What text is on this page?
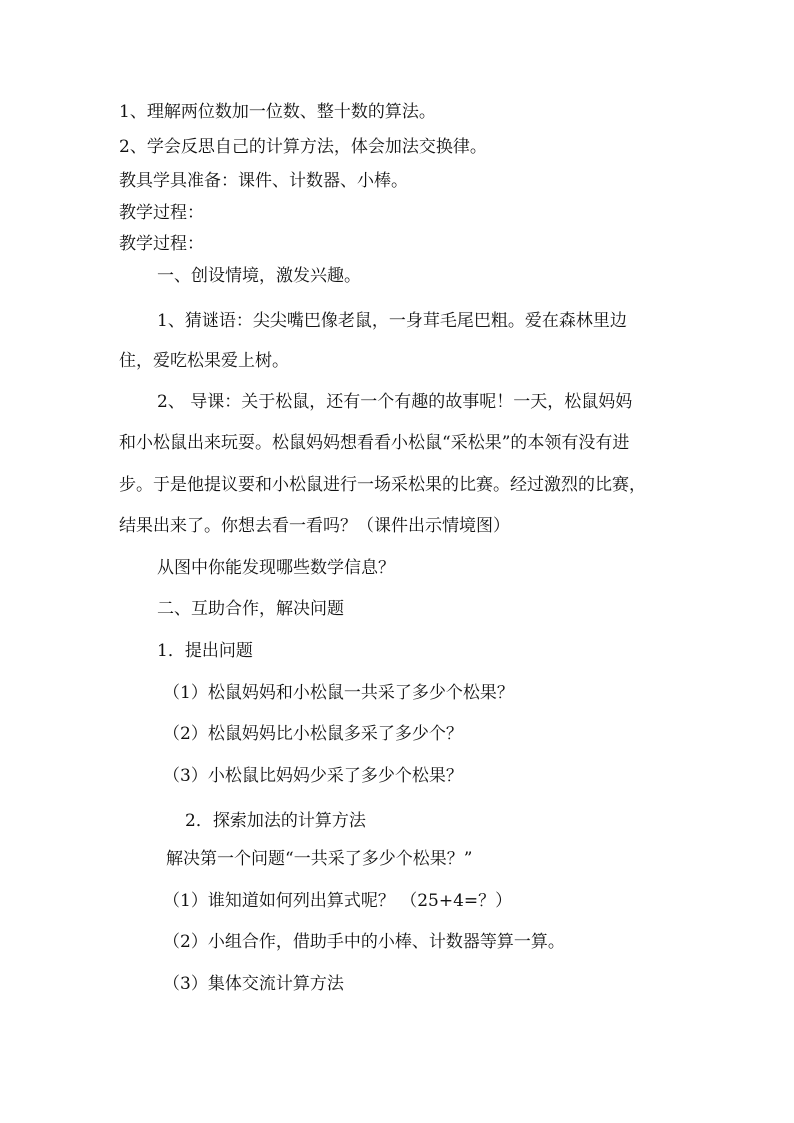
1、理解两位数加一位数、整十数的算法。
2、学会反思自己的计算方法，体会加法交换律。
教具学具准备：课件、计数器、小棒。
教学过程：
教学过程：
一、创设情境，激发兴趣。
1、猜谜语：尖尖嘴巴像老鼠，一身茸毛尾巴粗。爱在森林里边
住，爱吃松果爱上树。
2、 导课：关于松鼠，还有一个有趣的故事呢！一天，松鼠妈妈
和小松鼠出来玩耍。松鼠妈妈想看看小松鼠“采松果”的本领有没有进
步。于是他提议要和小松鼠进行一场采松果的比赛。经过激烈的比赛，
结果出来了。你想去看一看吗？（课件出示情境图）
从图中你能发现哪些数学信息？
二、互助合作，解决问题
1．提出问题
（1）松鼠妈妈和小松鼠一共采了多少个松果？
（2）松鼠妈妈比小松鼠多采了多少个？
（3）小松鼠比妈妈少采了多少个松果？
2．探索加法的计算方法
解决第一个问题“一共采了多少个松果？”
（1）谁知道如何列出算式呢？ （25+4=？）
（2）小组合作，借助手中的小棒、计数器等算一算。
（3）集体交流计算方法
